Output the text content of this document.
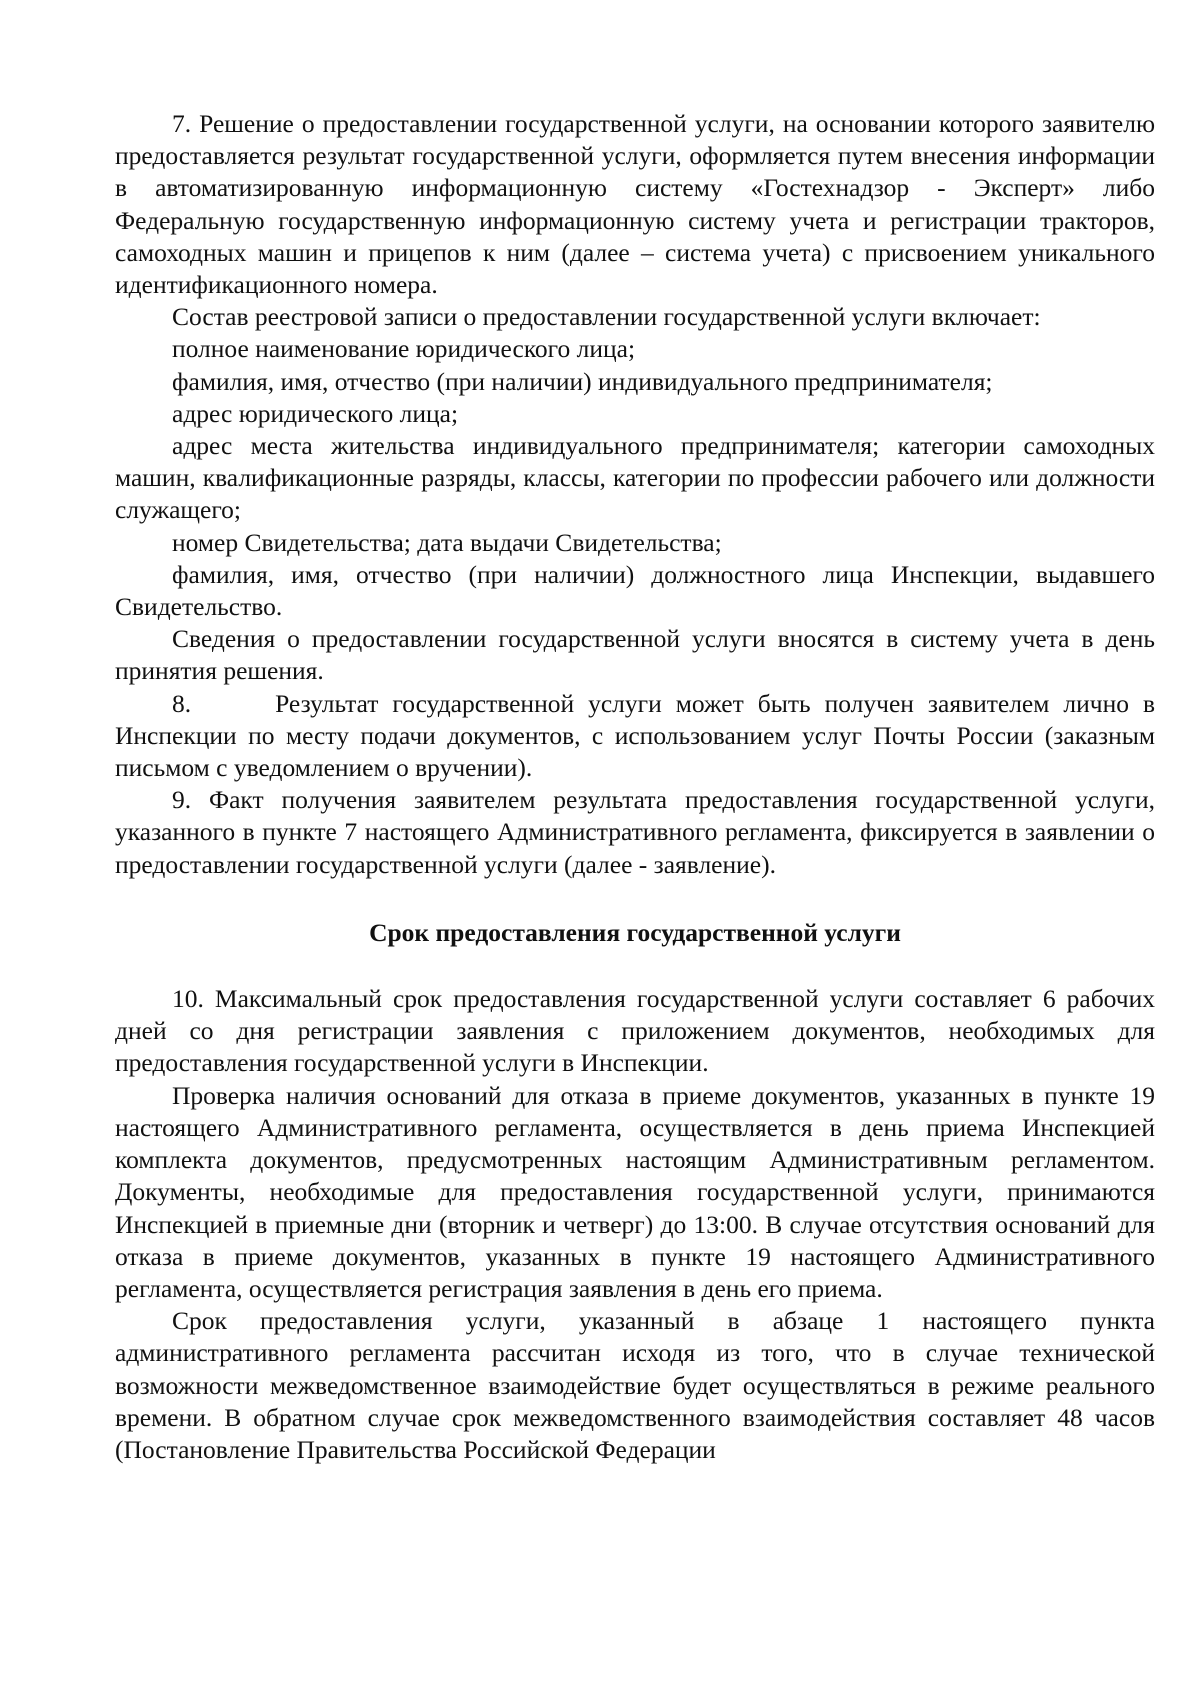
7. Решение о предоставлении государственной услуги, на основании которого заявителю предоставляется результат государственной услуги, оформляется путем внесения информации в автоматизированную информационную систему «Гостехнадзор - Эксперт» либо Федеральную государственную информационную систему учета и регистрации тракторов, самоходных машин и прицепов к ним (далее – система учета) с присвоением уникального идентификационного номера.

Состав реестровой записи о предоставлении государственной услуги включает:

полное наименование юридического лица;

фамилия, имя, отчество (при наличии) индивидуального предпринимателя;

адрес юридического лица;

адрес места жительства индивидуального предпринимателя; категории самоходных машин, квалификационные разряды, классы, категории по профессии рабочего или должности служащего;

номер Свидетельства; дата выдачи Свидетельства;

фамилия, имя, отчество (при наличии) должностного лица Инспекции, выдавшего Свидетельство.

Сведения о предоставлении государственной услуги вносятся в систему учета в день принятия решения.

8.      Результат государственной услуги может быть получен заявителем лично в Инспекции по месту подачи документов, с использованием услуг Почты России (заказным письмом с уведомлением о вручении).

9. Факт получения заявителем результата предоставления государственной услуги, указанного в пункте 7 настоящего Административного регламента, фиксируется в заявлении о предоставлении государственной услуги (далее - заявление).

Срок предоставления государственной услуги

10. Максимальный срок предоставления государственной услуги составляет 6 рабочих дней со дня регистрации заявления с приложением документов, необходимых для предоставления государственной услуги в Инспекции.

Проверка наличия оснований для отказа в приеме документов, указанных в пункте 19 настоящего Административного регламента, осуществляется в день приема Инспекцией комплекта документов, предусмотренных настоящим Административным регламентом. Документы, необходимые для предоставления государственной услуги, принимаются Инспекцией в приемные дни (вторник и четверг) до 13:00. В случае отсутствия оснований для отказа в приеме документов, указанных в пункте 19 настоящего Административного регламента, осуществляется регистрация заявления в день его приема.

Срок предоставления услуги, указанный в абзаце 1 настоящего пункта административного регламента рассчитан исходя из того, что в случае технической возможности межведомственное взаимодействие будет осуществляться в режиме реального времени. В обратном случае срок межведомственного взаимодействия составляет 48 часов (Постановление Правительства Российской Федерации
